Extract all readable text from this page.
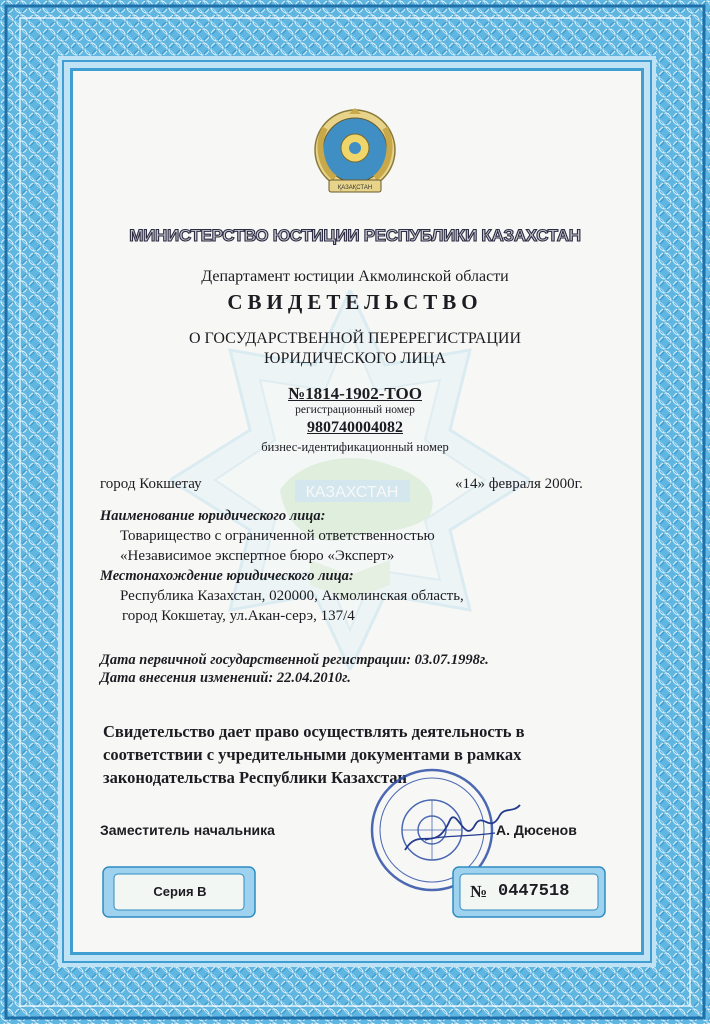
КАЗАХСТАН
ҚАЗАҚСТАН
МИНИСТЕРСТВО ЮСТИЦИИ РЕСПУБЛИКИ КАЗАХСТАН
Департамент юстиции Акмолинской области
СВИДЕТЕЛЬСТВО
О ГОСУДАРСТВЕННОЙ ПЕРЕРЕГИСТРАЦИИ
ЮРИДИЧЕСКОГО ЛИЦА
№1814-1902-ТОО
регистрационный номер
980740004082
бизнес-идентификационный номер
город Кокшетау	«14» февраля 2000г.
Наименование юридического лица:
Товарищество с ограниченной ответственностью
«Независимое экспертное бюро «Эксперт»
Местонахождение юридического лица:
Республика Казахстан, 020000, Акмолинская область,
город Кокшетау, ул.Акан-серэ, 137/4
Дата первичной государственной регистрации: 03.07.1998г.
Дата внесения изменений: 22.04.2010г.
Свидетельство дает право осуществлять деятельность в
соответствии с учредительными документами в рамках
законодательства Республики Казахстан
Заместитель начальника	А. Дюсенов
Серия В	№ 0447518
